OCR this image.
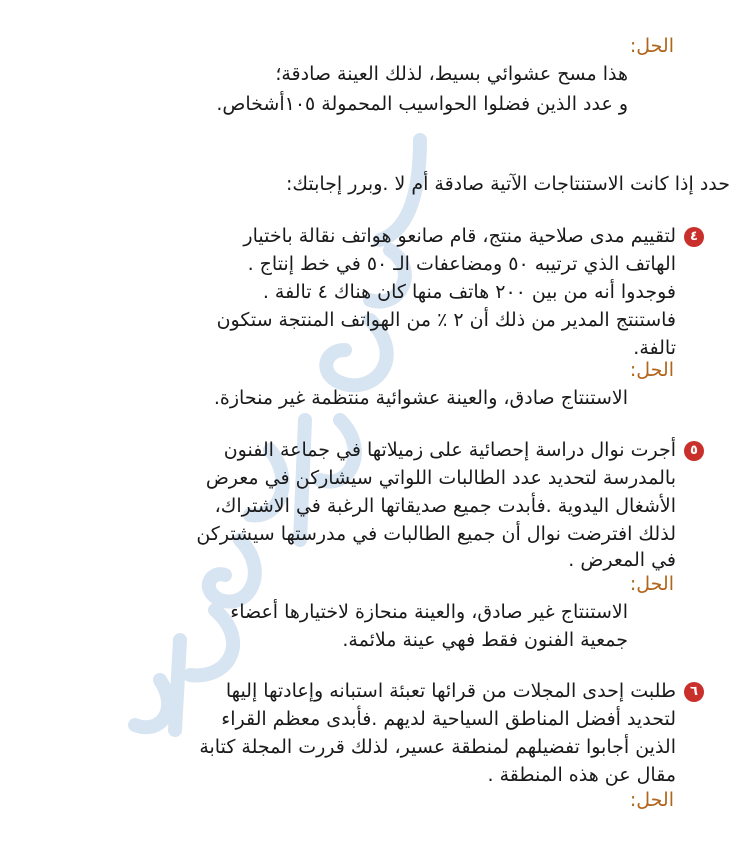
الحل:
هذا مسح عشوائي بسيط، لذلك العينة صادقة؛
و عدد الذين فضلوا الحواسيب المحمولة ١٠٥أشخاص.
حدد إذا كانت الاستنتاجات الآتية صادقة أم لا .وبرر إجابتك:
٤
لتقييم مدى صلاحية منتج، قام صانعو هواتف نقالة باختيار
الهاتف الذي ترتيبه ٥٠ ومضاعفات الـ ٥٠ في خط إنتاج .
فوجدوا أنه من بين ٢٠٠ هاتف منها كان هناك ٤ تالفة .
فاستنتج المدير من ذلك أن ٢ ٪ من الهواتف المنتجة ستكون
تالفة.
الحل:
الاستنتاج صادق، والعينة عشوائية منتظمة غير منحازة.
٥
أجرت نوال دراسة إحصائية على زميلاتها في جماعة الفنون
بالمدرسة لتحديد عدد الطالبات اللواتي سيشاركن في معرض
الأشغال اليدوية .فأبدت جميع صديقاتها الرغبة في الاشتراك،
لذلك افترضت نوال أن جميع الطالبات في مدرستها سيشتركن
في المعرض .
الحل:
الاستنتاج غير صادق، والعينة منحازة لاختيارها أعضاء
جمعية الفنون فقط فهي عينة ملائمة.
٦
طلبت إحدى المجلات من قرائها تعبئة استبانه وإعادتها إليها
لتحديد أفضل المناطق السياحية لديهم .فأبدى معظم القراء
الذين أجابوا تفضيلهم لمنطقة عسير، لذلك قررت المجلة كتابة
مقال عن هذه المنطقة .
الحل:
